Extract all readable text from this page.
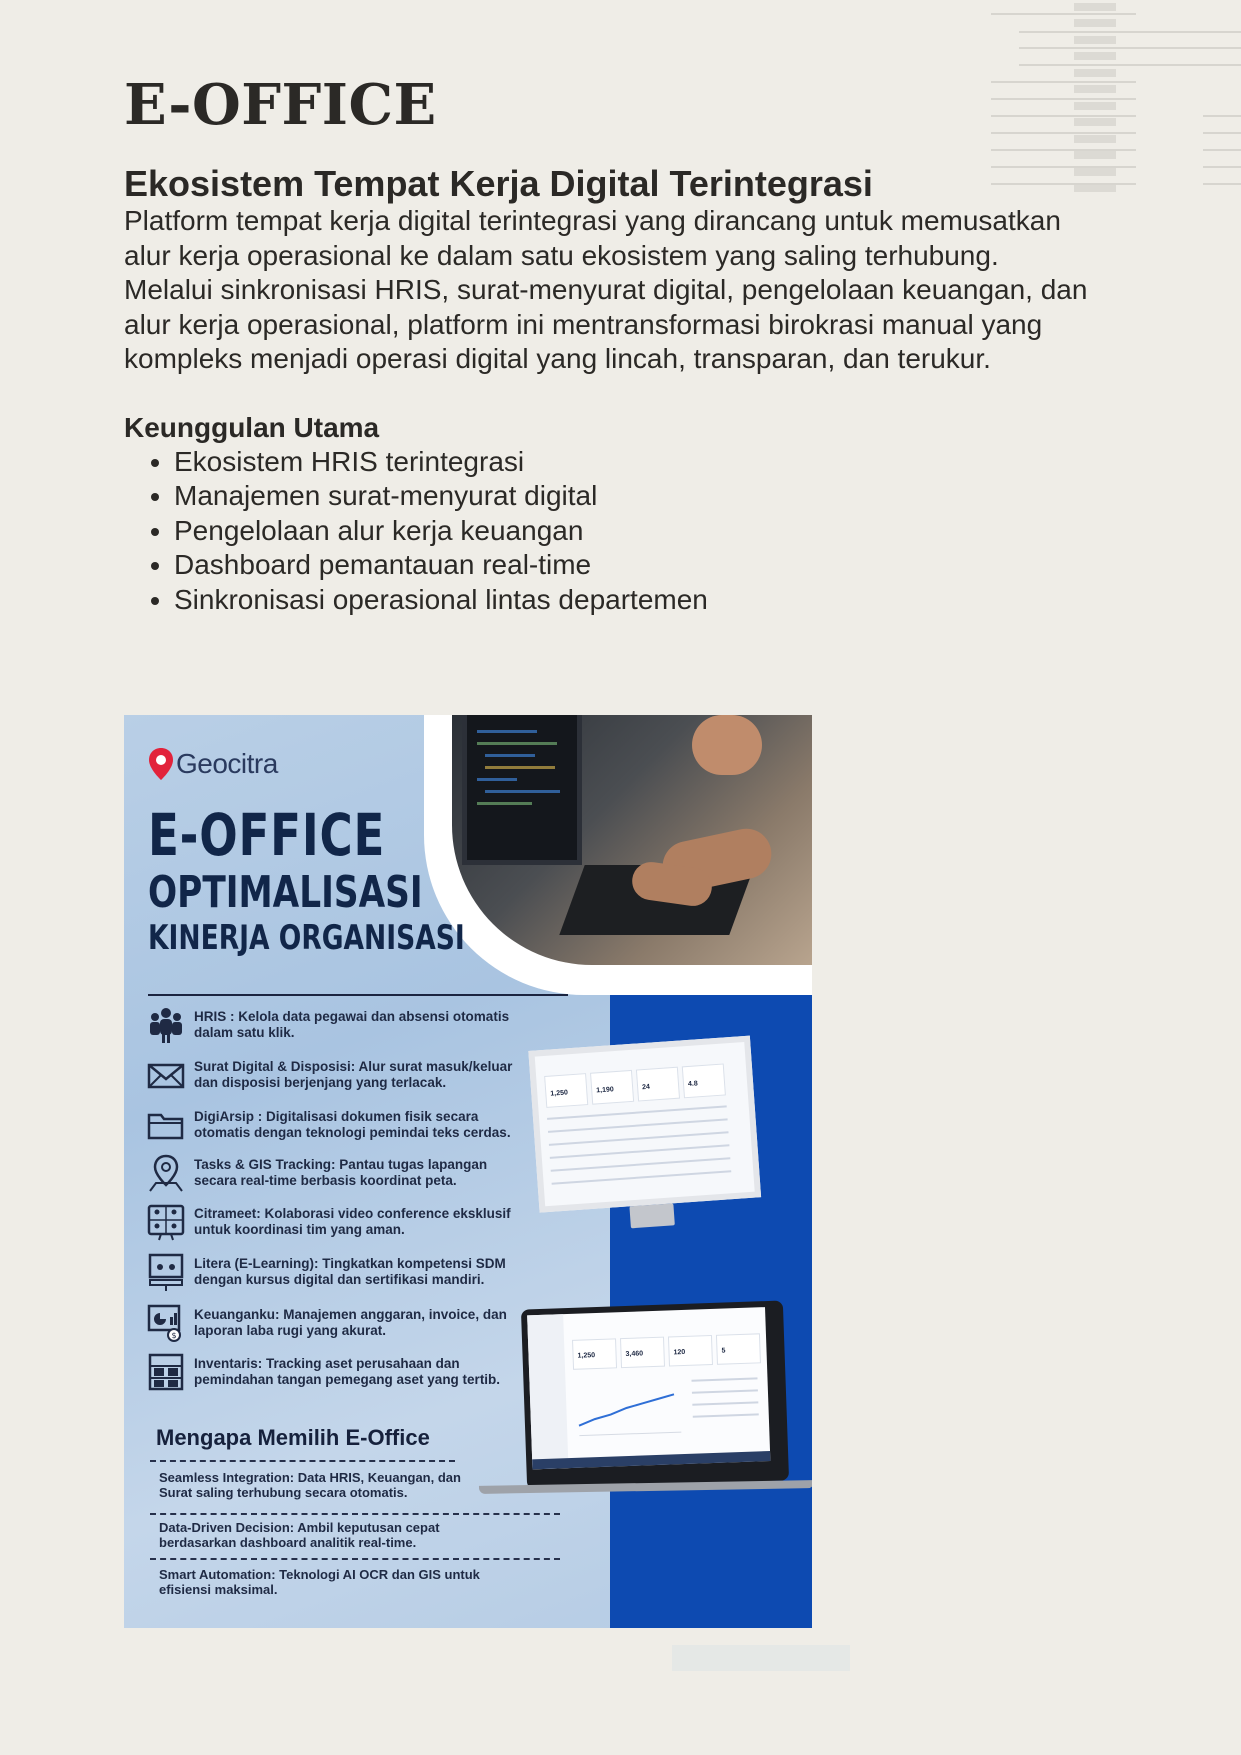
E-OFFICE
Ekosistem Tempat Kerja Digital Terintegrasi

Platform tempat kerja digital terintegrasi yang dirancang untuk memusatkan alur kerja operasional ke dalam satu ekosistem yang saling terhubung.

Melalui sinkronisasi HRIS, surat-menyurat digital, pengelolaan keuangan, dan alur kerja operasional, platform ini mentransformasi birokrasi manual yang kompleks menjadi operasi digital yang lincah, transparan, dan terukur.

Keunggulan Utama
• Ekosistem HRIS terintegrasi
• Manajemen surat-menyurat digital
• Pengelolaan alur kerja keuangan
• Dashboard pemantauan real-time
• Sinkronisasi operasional lintas departemen
Geocitra
E-OFFICE
OPTIMALISASI
KINERJA ORGANISASI
HRIS : Kelola data pegawai dan absensi otomatis dalam satu klik.
Surat Digital & Disposisi: Alur surat masuk/keluar dan disposisi berjenjang yang terlacak.
DigiArsip : Digitalisasi dokumen fisik secara otomatis dengan teknologi pemindai teks cerdas.
Tasks & GIS Tracking: Pantau tugas lapangan secara real-time berbasis koordinat peta.
Citrameet: Kolaborasi video conference eksklusif untuk koordinasi tim yang aman.
Litera (E-Learning): Tingkatkan kompetensi SDM dengan kursus digital dan sertifikasi mandiri.
$
Keuanganku: Manajemen anggaran, invoice, dan laporan laba rugi yang akurat.
Inventaris: Tracking aset perusahaan dan pemindahan tangan pemegang aset yang tertib.
1,250	1,190	24	4.8
1,250	3,460	120	5
Mengapa Memilih E-Office
Seamless Integration: Data HRIS, Keuangan, dan Surat saling terhubung secara otomatis.
Data-Driven Decision: Ambil keputusan cepat berdasarkan dashboard analitik real-time.
Smart Automation: Teknologi AI OCR dan GIS untuk efisiensi maksimal.
